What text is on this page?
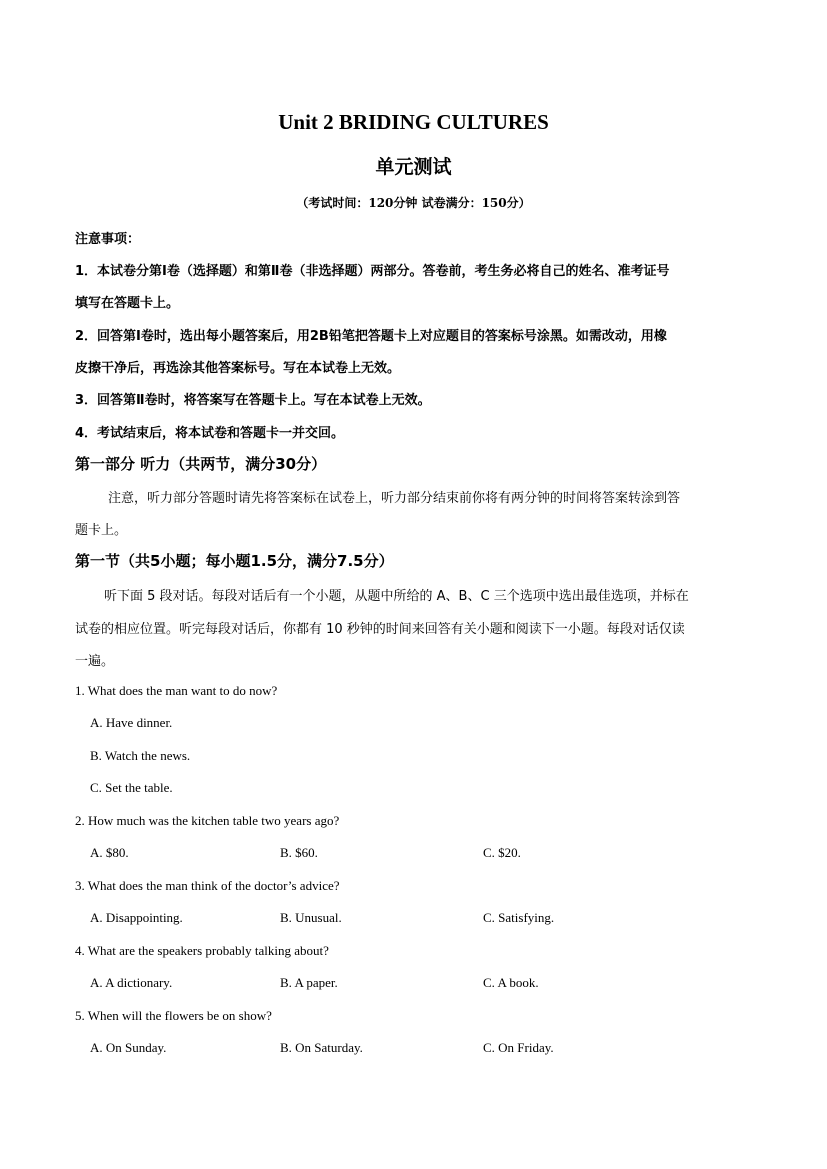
Unit 2 BRIDING CULTURES
单元测试
（考试时间：120分钟 试卷满分：150分）
注意事项：
1．本试卷分第Ⅰ卷（选择题）和第Ⅱ卷（非选择题）两部分。答卷前，考生务必将自己的姓名、准考证号
填写在答题卡上。
2．回答第Ⅰ卷时，选出每小题答案后，用2B铅笔把答题卡上对应题目的答案标号涂黑。如需改动，用橡
皮擦干净后，再选涂其他答案标号。写在本试卷上无效。
3．回答第Ⅱ卷时，将答案写在答题卡上。写在本试卷上无效。
4．考试结束后，将本试卷和答题卡一并交回。
第一部分 听力（共两节，满分30分）
注意，听力部分答题时请先将答案标在试卷上，听力部分结束前你将有两分钟的时间将答案转涂到答
题卡上。
第一节（共5小题；每小题1.5分，满分7.5分）
听下面 5 段对话。每段对话后有一个小题，从题中所给的 A、B、C 三个选项中选出最佳选项，并标在
试卷的相应位置。听完每段对话后，你都有 10 秒钟的时间来回答有关小题和阅读下一小题。每段对话仅读
一遍。
1. What does the man want to do now?
A. Have dinner.
B. Watch the news.
C. Set the table.
2. How much was the kitchen table two years ago?
A. $80.	B. $60.	C. $20.
3. What does the man think of the doctor’s advice?
A. Disappointing.	B. Unusual.	C. Satisfying.
4. What are the speakers probably talking about?
A. A dictionary.	B. A paper.	C. A book.
5. When will the flowers be on show?
A. On Sunday.	B. On Saturday.	C. On Friday.
